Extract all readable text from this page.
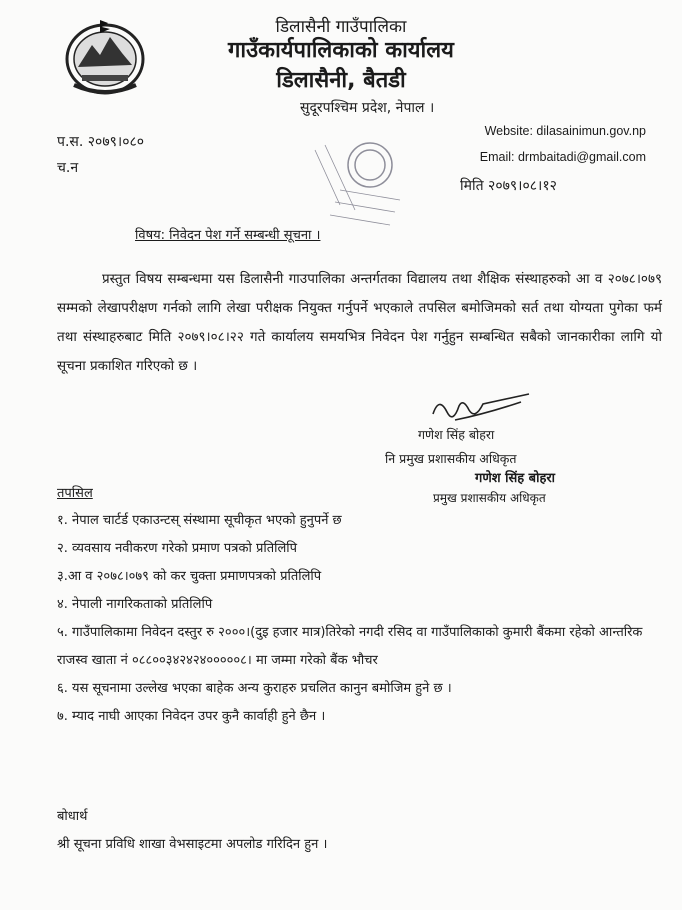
डिलासैनी गाउँपालिका
गाउँकार्यपालिकाको कार्यालय
डिलासैनी, बैतडी
सुदूरपश्चिम प्रदेश, नेपाल ।
प.स. २०७९।०८०
च.न
Website: dilasainimun.gov.np
Email: drmbaitadi@gmail.com
मिति २०७९।०८।१२
विषय: निवेदन पेश गर्ने सम्बन्धी सूचना ।
प्रस्तुत विषय सम्बन्धमा यस डिलासैनी गाउपालिका अन्तर्गतका विद्यालय तथा शैक्षिक संस्थाहरुको आ व २०७८।०७९ सम्मको लेखापरीक्षण गर्नको लागि लेखा परीक्षक नियुक्त गर्नुपर्ने भएकाले तपसिल बमोजिमको सर्त तथा योग्यता पुगेका फर्म तथा संस्थाहरुबाट मिति २०७९।०८।२२ गते कार्यालय समयभित्र निवेदन पेश गर्नुहुन सम्बन्धित सबैको जानकारीका लागि यो सूचना प्रकाशित गरिएको छ ।
गणेश सिंह बोहरा
नि प्रमुख प्रशासकीय अधिकृत
गणेश सिंह बोहरा
प्रमुख प्रशासकीय अधिकृत
तपसिल
१. नेपाल चार्टर्ड एकाउन्टस् संस्थामा सूचीकृत भएको हुनुपर्ने छ
२. व्यवसाय नवीकरण गरेको प्रमाण पत्रको प्रतिलिपि
३.आ व २०७८।०७९ को कर चुक्ता प्रमाणपत्रको प्रतिलिपि
४. नेपाली नागरिकताको प्रतिलिपि
५. गाउँपालिकामा निवेदन दस्तुर रु २०००।(दुइ हजार मात्र)तिरेको नगदी रसिद वा गाउँपालिकाको कुमारी बैंकमा रहेको आन्तरिक राजस्व खाता नं ०८८००३४२४२४०००००८। मा जम्मा गरेको बैंक भौचर
६. यस सूचनामा उल्लेख भएका बाहेक अन्य कुराहरु प्रचलित कानुन बमोजिम हुने छ ।
७. म्याद नाघी आएका निवेदन उपर कुनै कार्वाही हुने छैन ।
बोधार्थ
श्री सूचना प्रविधि शाखा वेभसाइटमा अपलोड गरिदिन हुन ।
